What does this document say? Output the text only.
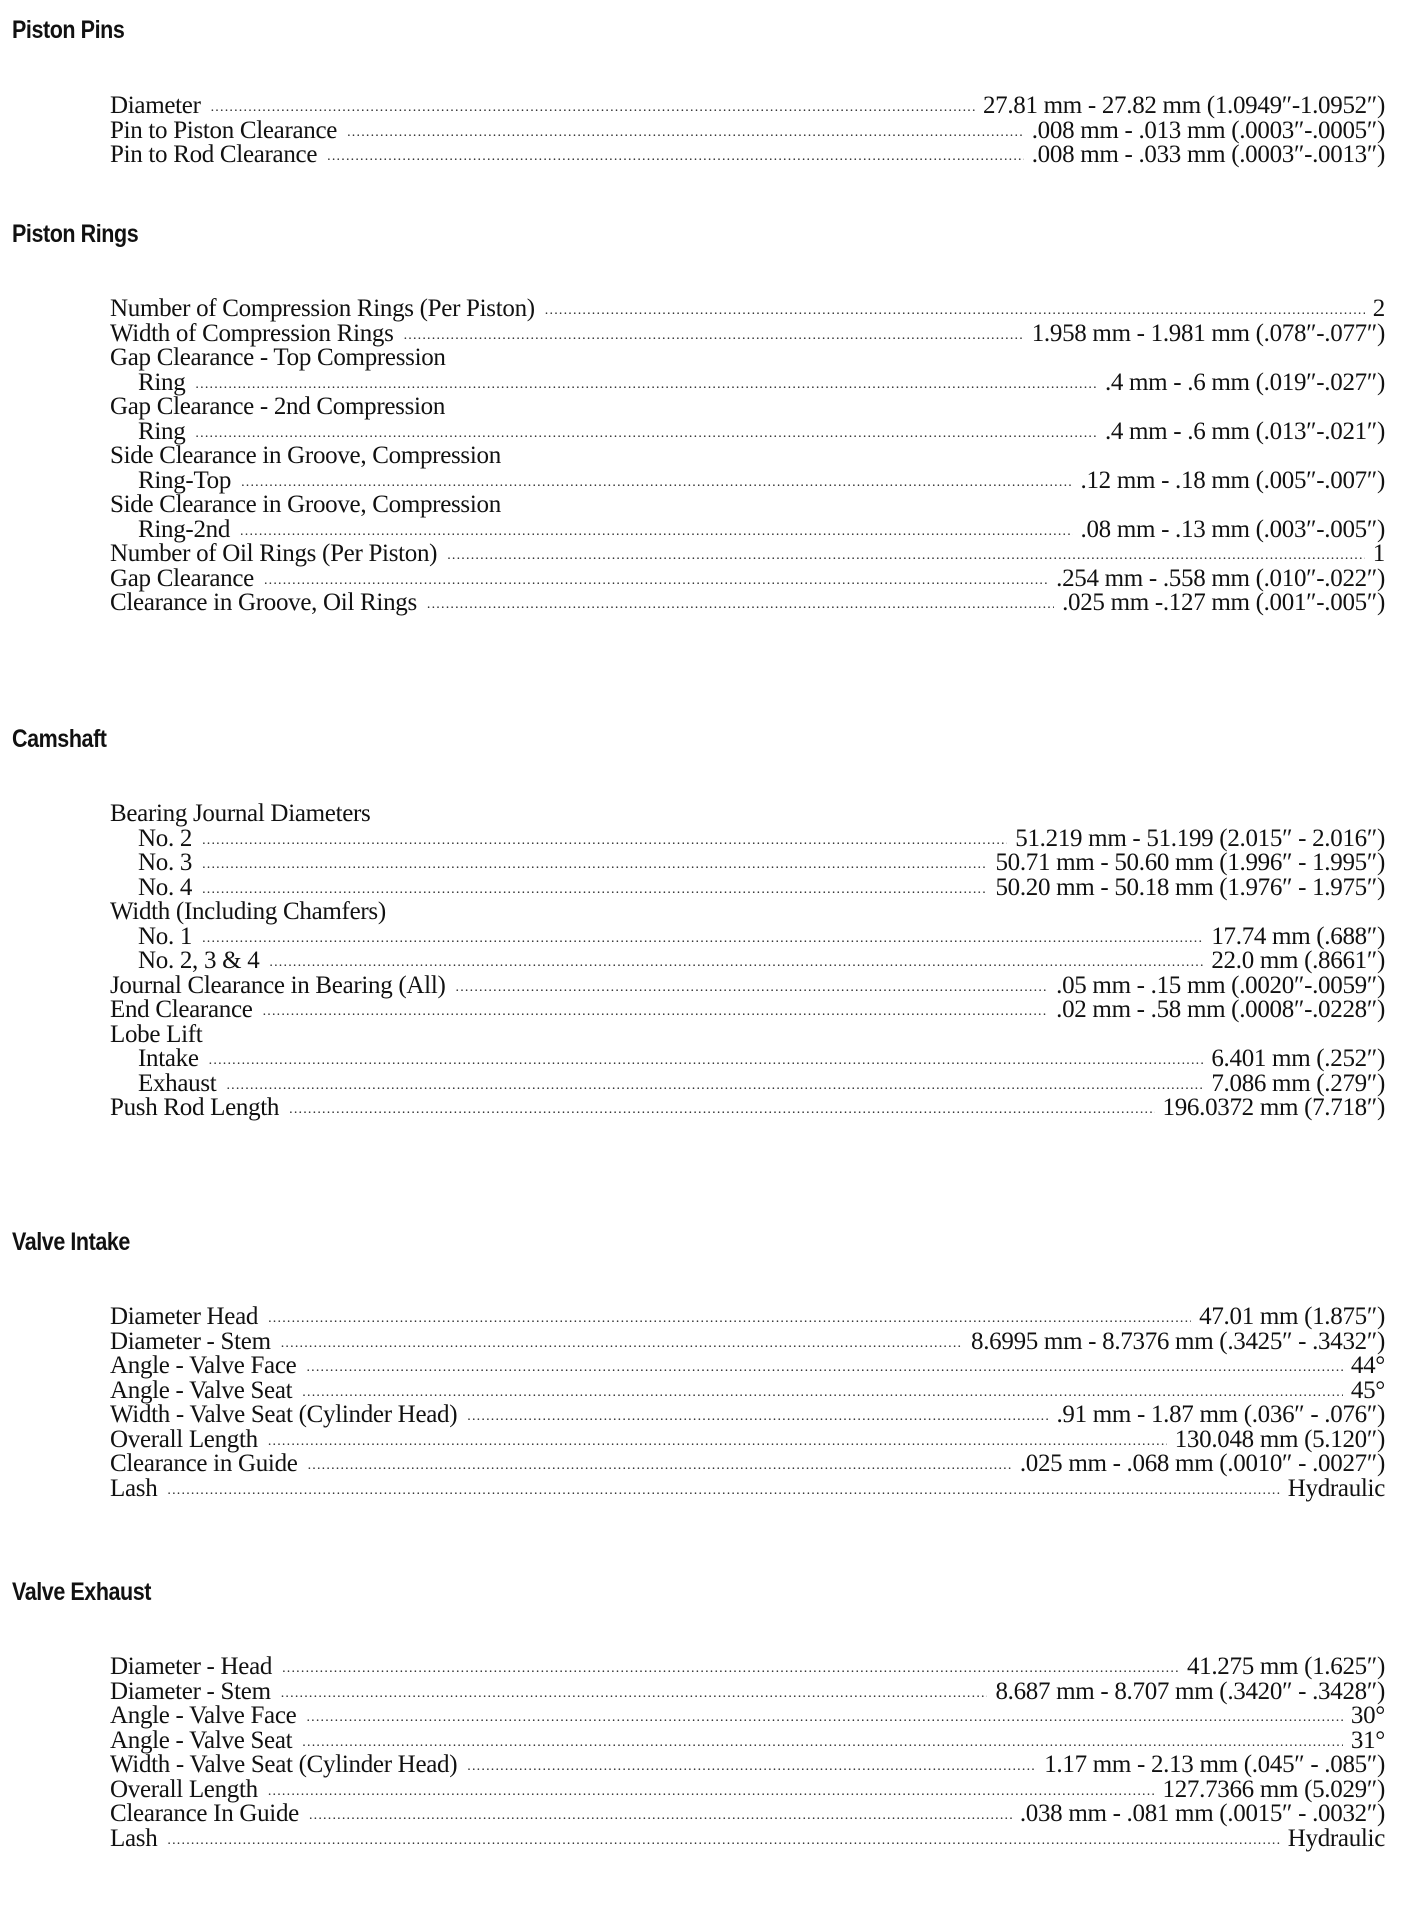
Piston Pins
Diameter .....	27.81 mm - 27.82 mm (1.0949″-1.0952″)
Pin to Piston Clearance .....	.008 mm - .013 mm (.0003″-.0005″)
Pin to Rod Clearance .....	.008 mm - .033 mm (.0003″-.0013″)
Piston Rings
Number of Compression Rings (Per Piston) .....	2
Width of Compression Rings .....	1.958 mm - 1.981 mm (.078″-.077″)
Gap Clearance - Top Compression
Ring .....	.4 mm - .6 mm (.019″-.027″)
Gap Clearance - 2nd Compression
Ring .....	.4 mm - .6 mm (.013″-.021″)
Side Clearance in Groove, Compression
Ring-Top .....	.12 mm - .18 mm (.005″-.007″)
Side Clearance in Groove, Compression
Ring-2nd .....	.08 mm - .13 mm (.003″-.005″)
Number of Oil Rings (Per Piston) .....	1
Gap Clearance .....	.254 mm - .558 mm (.010″-.022″)
Clearance in Groove, Oil Rings .....	.025 mm -.127 mm (.001″-.005″)
Camshaft
Bearing Journal Diameters
No. 2 .....	51.219 mm - 51.199 (2.015″ - 2.016″)
No. 3 .....	50.71 mm - 50.60 mm (1.996″ - 1.995″)
No. 4 .....	50.20 mm - 50.18 mm (1.976″ - 1.975″)
Width (Including Chamfers)
No. 1 .....	17.74 mm (.688″)
No. 2, 3 & 4 .....	22.0 mm (.8661″)
Journal Clearance in Bearing (All) .....	.05 mm - .15 mm (.0020″-.0059″)
End Clearance .....	.02 mm - .58 mm (.0008″-.0228″)
Lobe Lift
Intake .....	6.401 mm (.252″)
Exhaust .....	7.086 mm (.279″)
Push Rod Length .....	196.0372 mm (7.718″)
Valve Intake
Diameter Head .....	47.01 mm (1.875″)
Diameter - Stem .....	8.6995 mm - 8.7376 mm (.3425″ - .3432″)
Angle - Valve Face .....	44°
Angle - Valve Seat .....	45°
Width - Valve Seat (Cylinder Head) .....	.91 mm - 1.87 mm (.036″ - .076″)
Overall Length .....	130.048 mm (5.120″)
Clearance in Guide .....	.025 mm - .068 mm (.0010″ - .0027″)
Lash .....	Hydraulic
Valve Exhaust
Diameter - Head .....	41.275 mm (1.625″)
Diameter - Stem .....	8.687 mm - 8.707 mm (.3420″ - .3428″)
Angle - Valve Face .....	30°
Angle - Valve Seat .....	31°
Width - Valve Seat (Cylinder Head) .....	1.17 mm - 2.13 mm (.045″ - .085″)
Overall Length .....	127.7366 mm (5.029″)
Clearance In Guide .....	.038 mm - .081 mm (.0015″ - .0032″)
Lash .....	Hydraulic
